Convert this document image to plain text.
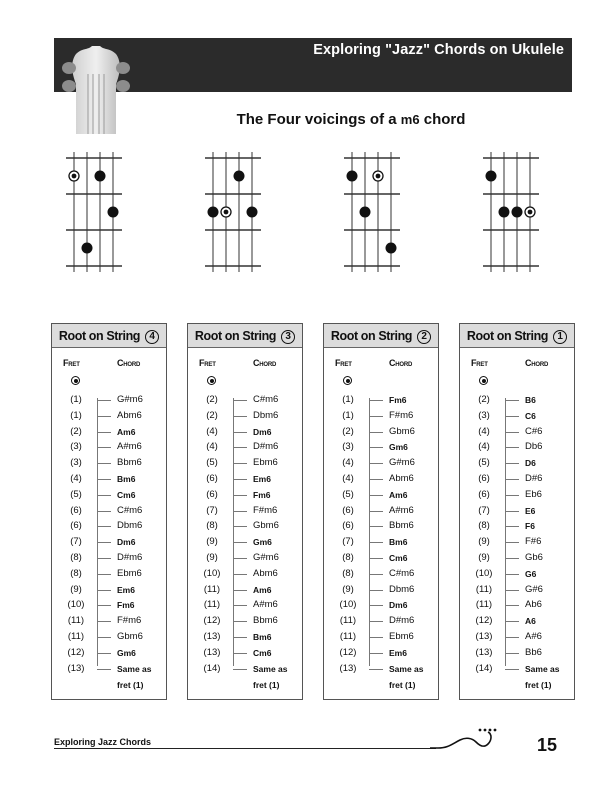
Exploring "Jazz" Chords on Ukulele
The Four voicings of a m6 chord
Root on String 4
Fret	Chord
(1)	G#m6
(1)	Abm6
(2)	Am6
(3)	A#m6
(3)	Bbm6
(4)	Bm6
(5)	Cm6
(6)	C#m6
(6)	Dbm6
(7)	Dm6
(8)	D#m6
(8)	Ebm6
(9)	Em6
(10)	Fm6
(11)	F#m6
(11)	Gbm6
(12)	Gm6
(13)	Same as fret (1)
Root on String 3
Fret	Chord
(2)	C#m6
(2)	Dbm6
(4)	Dm6
(4)	D#m6
(5)	Ebm6
(6)	Em6
(6)	Fm6
(7)	F#m6
(8)	Gbm6
(9)	Gm6
(9)	G#m6
(10)	Abm6
(11)	Am6
(11)	A#m6
(12)	Bbm6
(13)	Bm6
(13)	Cm6
(14)	Same as fret (1)
Root on String 2
Fret	Chord
(1)	Fm6
(1)	F#m6
(2)	Gbm6
(3)	Gm6
(4)	G#m6
(4)	Abm6
(5)	Am6
(6)	A#m6
(6)	Bbm6
(7)	Bm6
(8)	Cm6
(8)	C#m6
(9)	Dbm6
(10)	Dm6
(11)	D#m6
(11)	Ebm6
(12)	Em6
(13)	Same as fret (1)
Root on String 1
Fret	Chord
(2)	B6
(3)	C6
(4)	C#6
(4)	Db6
(5)	D6
(6)	D#6
(6)	Eb6
(7)	E6
(8)	F6
(9)	F#6
(9)	Gb6
(10)	G6
(11)	G#6
(11)	Ab6
(12)	A6
(13)	A#6
(13)	Bb6
(14)	Same as fret (1)
Exploring Jazz Chords	15
